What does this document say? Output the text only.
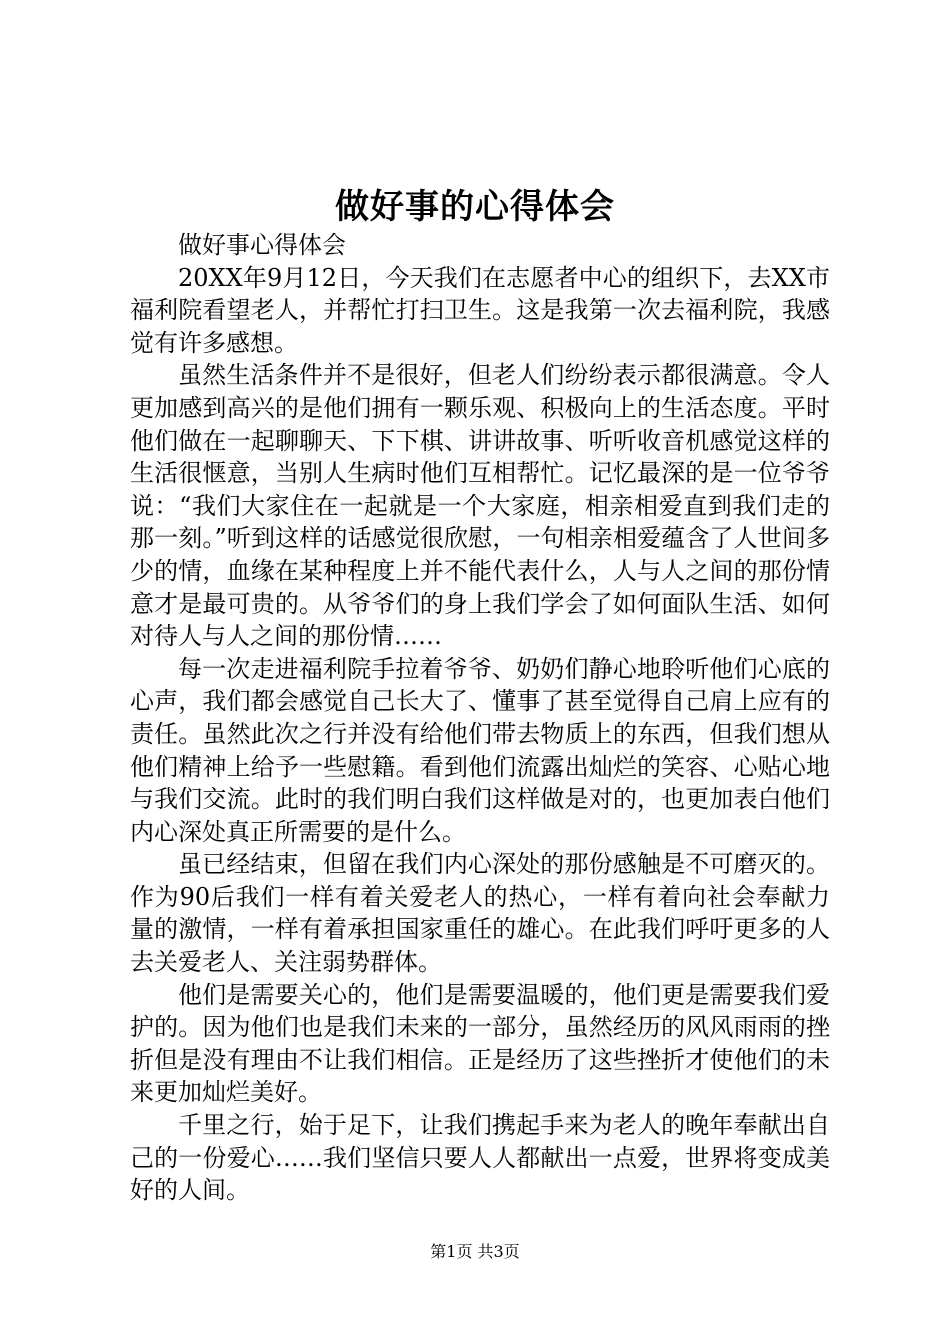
做好事的心得体会

做好事心得体会

20XX年9月12日，今天我们在志愿者中心的组织下，去XX市福利院看望老人，并帮忙打扫卫生。这是我第一次去福利院，我感觉有许多感想。

虽然生活条件并不是很好，但老人们纷纷表示都很满意。令人更加感到高兴的是他们拥有一颗乐观、积极向上的生活态度。平时他们做在一起聊聊天、下下棋、讲讲故事、听听收音机感觉这样的生活很惬意，当别人生病时他们互相帮忙。记忆最深的是一位爷爷说：“我们大家住在一起就是一个大家庭，相亲相爱直到我们走的那一刻。”听到这样的话感觉很欣慰，一句相亲相爱蕴含了人世间多少的情，血缘在某种程度上并不能代表什么，人与人之间的那份情意才是最可贵的。从爷爷们的身上我们学会了如何面队生活、如何对待人与人之间的那份情……

每一次走进福利院手拉着爷爷、奶奶们静心地聆听他们心底的心声，我们都会感觉自己长大了、懂事了甚至觉得自己肩上应有的责任。虽然此次之行并没有给他们带去物质上的东西，但我们想从他们精神上给予一些慰籍。看到他们流露出灿烂的笑容、心贴心地与我们交流。此时的我们明白我们这样做是对的，也更加表白他们内心深处真正所需要的是什么。

虽已经结束，但留在我们内心深处的那份感触是不可磨灭的。作为90后我们一样有着关爱老人的热心，一样有着向社会奉献力量的激情，一样有着承担国家重任的雄心。在此我们呼吁更多的人去关爱老人、关注弱势群体。

他们是需要关心的，他们是需要温暖的，他们更是需要我们爱护的。因为他们也是我们未来的一部分，虽然经历的风风雨雨的挫折但是没有理由不让我们相信。正是经历了这些挫折才使他们的未来更加灿烂美好。

千里之行，始于足下，让我们携起手来为老人的晚年奉献出自己的一份爱心……我们坚信只要人人都献出一点爱，世界将变成美好的人间。

第1页 共3页
